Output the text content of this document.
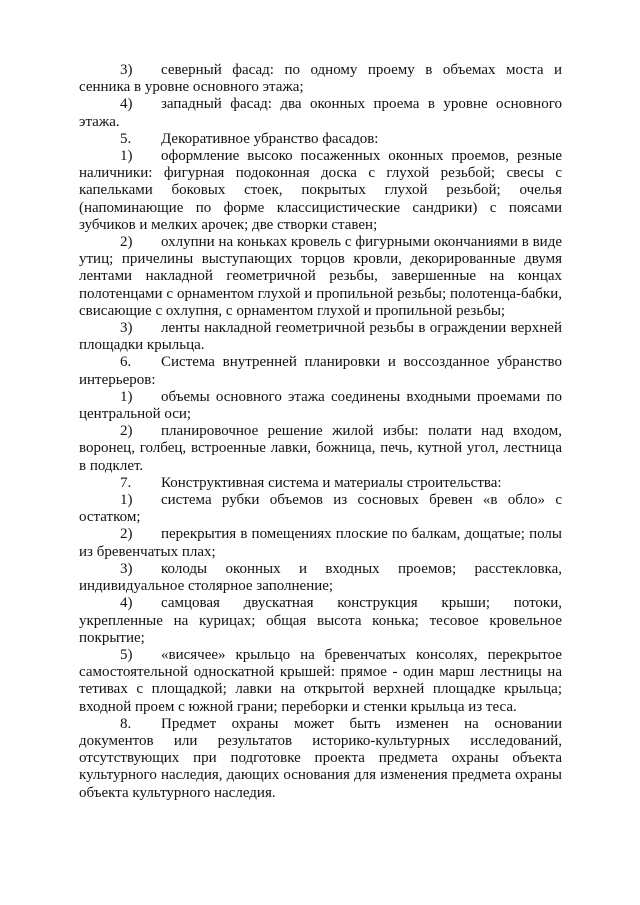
3) северный фасад: по одному проему в объемах моста и сенника в уровне основного этажа;

4) западный фасад: два оконных проема в уровне основного этажа.

5. Декоративное убранство фасадов:

1) оформление высоко посаженных оконных проемов, резные наличники: фигурная подоконная доска с глухой резьбой; свесы с капельками боковых стоек, покрытых глухой резьбой; очелья (напоминающие по форме классицистические сандрики) с поясами зубчиков и мелких арочек; две створки ставен;

2) охлупни на коньках кровель с фигурными окончаниями в виде утиц; причелины выступающих торцов кровли, декорированные двумя лентами накладной геометричной резьбы, завершенные на концах полотенцами с орнаментом глухой и пропильной резьбы; полотенца-бабки, свисающие с охлупня, с орнаментом глухой и пропильной резьбы;

3) ленты накладной геометричной резьбы в ограждении верхней площадки крыльца.

6. Система внутренней планировки и воссозданное убранство интерьеров:

1) объемы основного этажа соединены входными проемами по центральной оси;

2) планировочное решение жилой избы: полати над входом, воронец, голбец, встроенные лавки, божница, печь, кутной угол, лестница в подклет.

7. Конструктивная система и материалы строительства:

1) система рубки объемов из сосновых бревен «в обло» с остатком;

2) перекрытия в помещениях плоские по балкам, дощатые; полы из бревенчатых плах;

3) колоды оконных и входных проемов; расстекловка, индивидуальное столярное заполнение;

4) самцовая двускатная конструкция крыши; потоки, укрепленные на курицах; общая высота конька; тесовое кровельное покрытие;

5) «висячее» крыльцо на бревенчатых консолях, перекрытое самостоятельной односкатной крышей: прямое - один марш лестницы на тетивах с площадкой; лавки на открытой верхней площадке крыльца; входной проем с южной грани; переборки и стенки крыльца из теса.

8. Предмет охраны может быть изменен на основании документов или результатов историко-культурных исследований, отсутствующих при подготовке проекта предмета охраны объекта культурного наследия, дающих основания для изменения предмета охраны объекта культурного наследия.
